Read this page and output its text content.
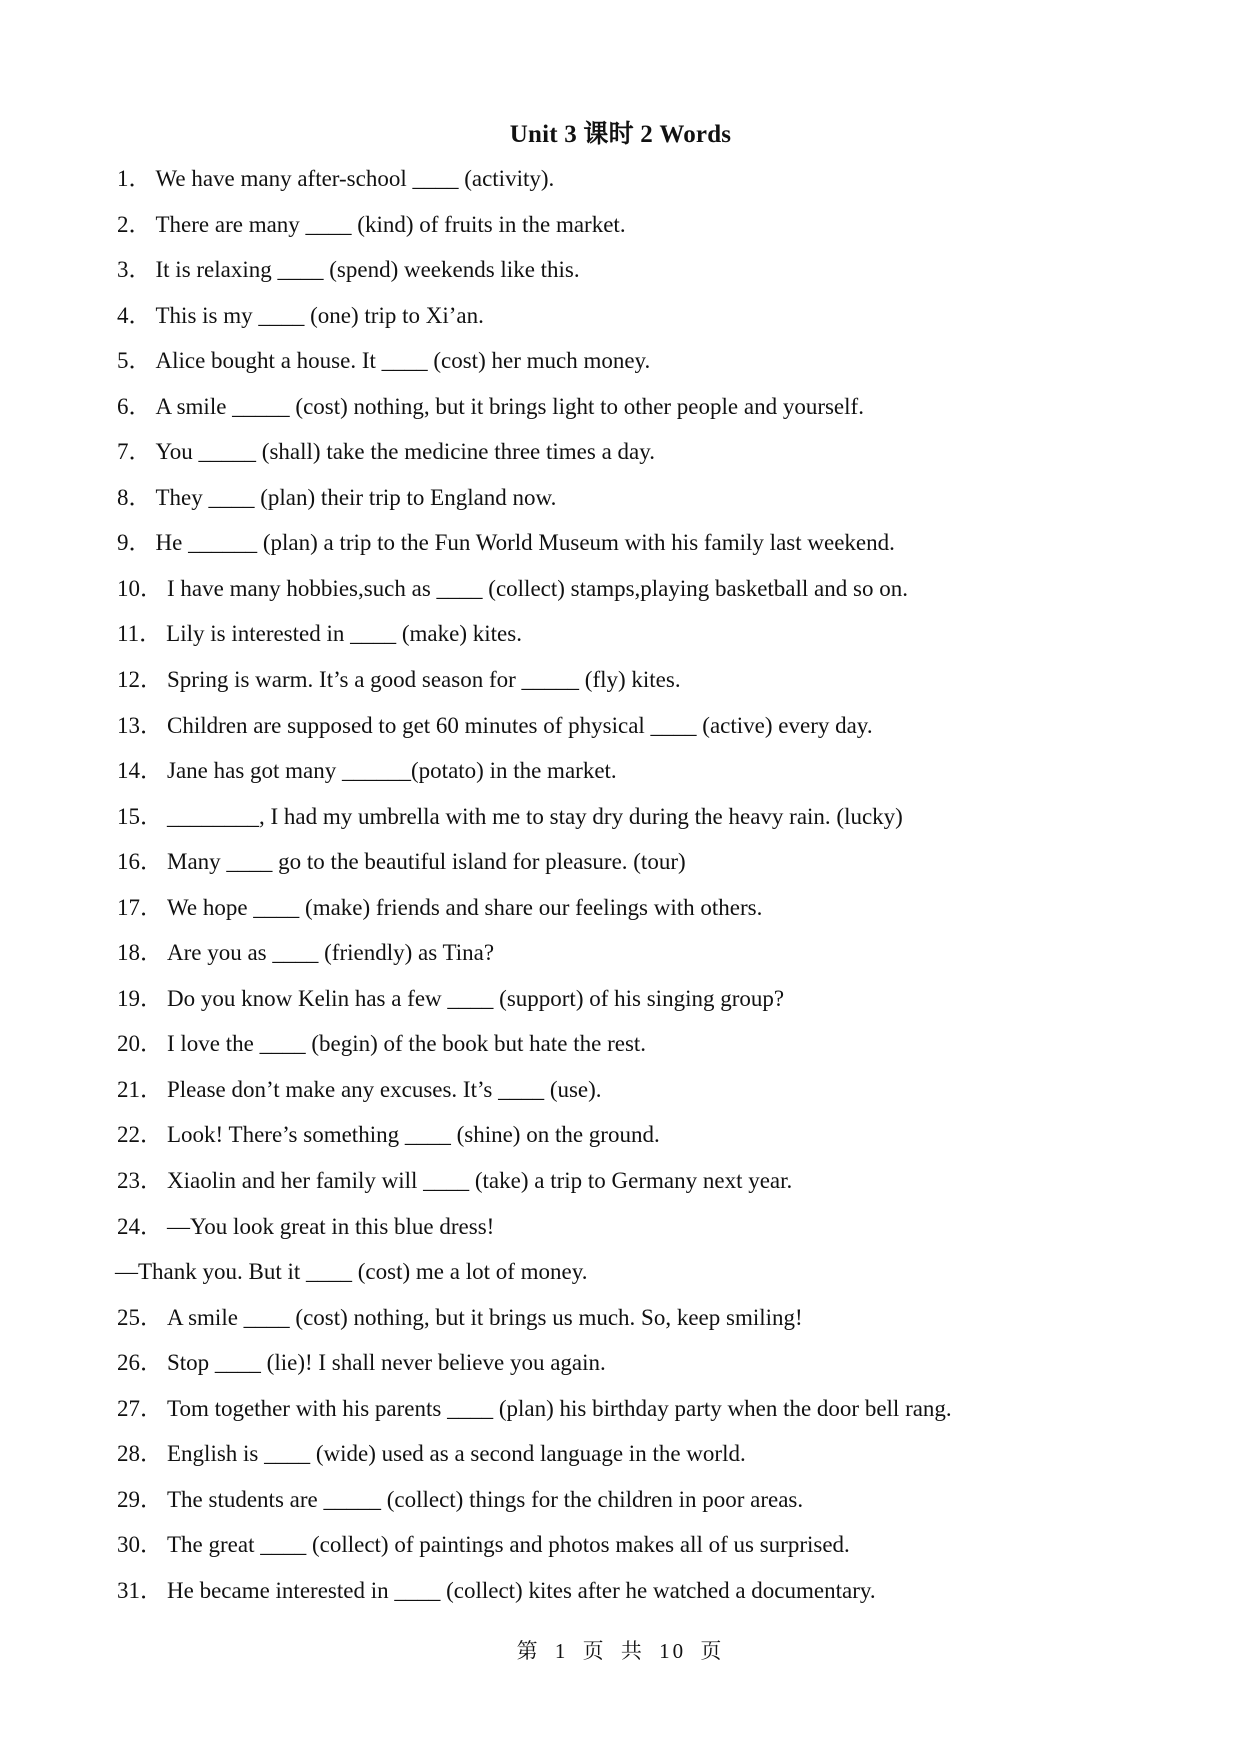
Unit 3 课时 2 Words
1． We have many after-school ____ (activity).
2． There are many ____ (kind) of fruits in the market.
3． It is relaxing ____ (spend) weekends like this.
4． This is my ____ (one) trip to Xi’an.
5． Alice bought a house. It ____ (cost) her much money.
6． A smile _____ (cost) nothing, but it brings light to other people and yourself.
7． You _____ (shall) take the medicine three times a day.
8． They ____ (plan) their trip to England now.
9． He ______ (plan) a trip to the Fun World Museum with his family last weekend.
10． I have many hobbies,such as ____ (collect) stamps,playing basketball and so on.
11． Lily is interested in ____ (make) kites.
12． Spring is warm. It’s a good season for _____ (fly) kites.
13． Children are supposed to get 60 minutes of physical ____ (active) every day.
14． Jane has got many ______(potato) in the market.
15． ________, I had my umbrella with me to stay dry during the heavy rain. (lucky)
16． Many ____ go to the beautiful island for pleasure. (tour)
17． We hope ____ (make) friends and share our feelings with others.
18． Are you as ____ (friendly) as Tina?
19． Do you know Kelin has a few ____ (support) of his singing group?
20． I love the ____ (begin) of the book but hate the rest.
21． Please don’t make any excuses. It’s ____ (use).
22． Look! There’s something ____ (shine) on the ground.
23． Xiaolin and her family will ____ (take) a trip to Germany next year.
24． —You look great in this blue dress!
—Thank you. But it ____ (cost) me a lot of money.
25． A smile ____ (cost) nothing, but it brings us much. So, keep smiling!
26． Stop ____ (lie)! I shall never believe you again.
27． Tom together with his parents ____ (plan) his birthday party when the door bell rang.
28． English is ____ (wide) used as a second language in the world.
29． The students are _____ (collect) things for the children in poor areas.
30． The great ____ (collect) of paintings and photos makes all of us surprised.
31． He became interested in ____ (collect) kites after he watched a documentary.
第 1 页 共 10 页
